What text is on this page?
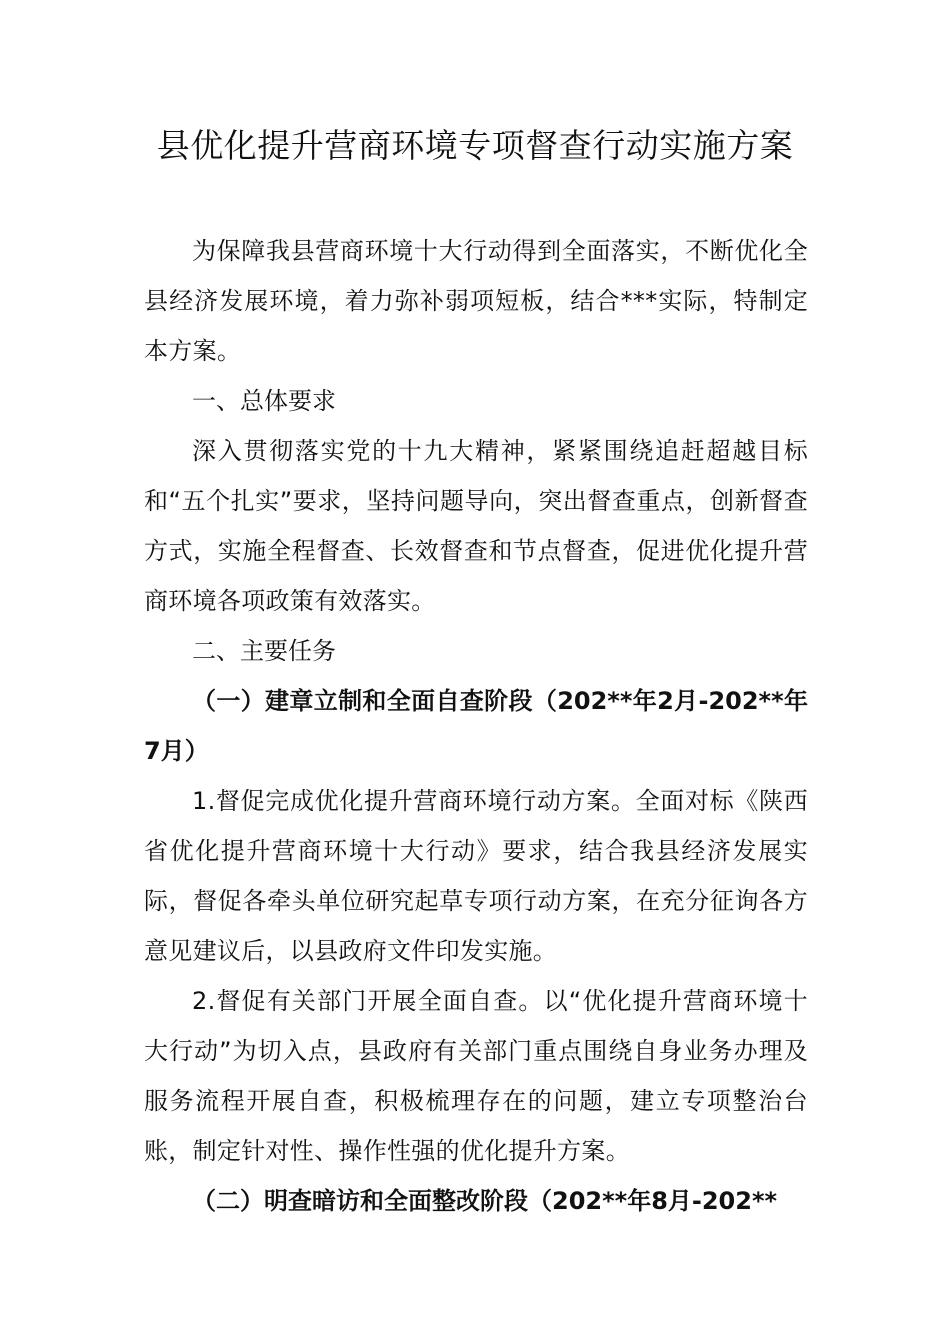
县优化提升营商环境专项督查行动实施方案

为保障我县营商环境十大行动得到全面落实，不断优化全县经济发展环境，着力弥补弱项短板，结合***实际，特制定本方案。

一、总体要求

深入贯彻落实党的十九大精神，紧紧围绕追赶超越目标和“五个扎实”要求，坚持问题导向，突出督查重点，创新督查方式，实施全程督查、长效督查和节点督查，促进优化提升营商环境各项政策有效落实。

二、主要任务

（一）建章立制和全面自查阶段（202**年2月-202**年7月）

1.督促完成优化提升营商环境行动方案。全面对标《陕西省优化提升营商环境十大行动》要求，结合我县经济发展实际，督促各牵头单位研究起草专项行动方案，在充分征询各方意见建议后，以县政府文件印发实施。

2.督促有关部门开展全面自查。以“优化提升营商环境十大行动”为切入点，县政府有关部门重点围绕自身业务办理及服务流程开展自查，积极梳理存在的问题，建立专项整治台账，制定针对性、操作性强的优化提升方案。

（二）明查暗访和全面整改阶段（202**年8月-202**
